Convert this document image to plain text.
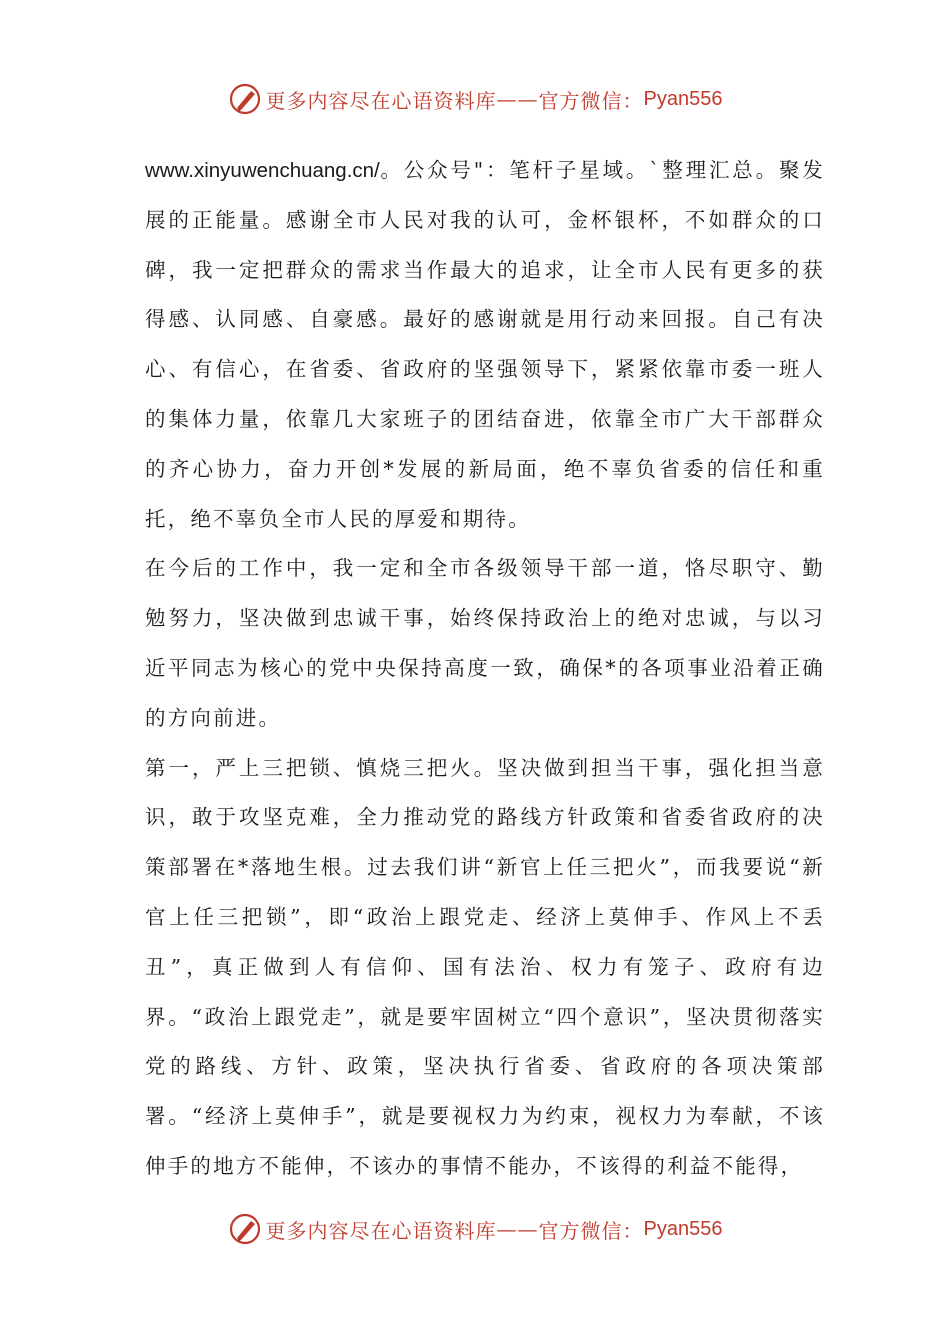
更多内容尽在心语资料库 —— 官方微信： Pyan556

www.xinyuwenchuang.cn/。公众号"：笔杆子星域。`整理汇总。聚发展的正能量。感谢全市人民对我的认可，金杯银杯，不如群众的口碑，我一定把群众的需求当作最大的追求，让全市人民有更多的获得感、认同感、自豪感。最好的感谢就是用行动来回报。自己有决心、有信心，在省委、省政府的坚强领导下，紧紧依靠市委一班人的集体力量，依靠几大家班子的团结奋进，依靠全市广大干部群众的齐心协力，奋力开创*发展的新局面，绝不辜负省委的信任和重托，绝不辜负全市人民的厚爱和期待。

在今后的工作中，我一定和全市各级领导干部一道，恪尽职守、勤勉努力，坚决做到忠诚干事，始终保持政治上的绝对忠诚，与以习近平同志为核心的党中央保持高度一致，确保*的各项事业沿着正确的方向前进。

第一，严上三把锁、慎烧三把火。坚决做到担当干事，强化担当意识，敢于攻坚克难，全力推动党的路线方针政策和省委省政府的决策部署在*落地生根。过去我们讲“新官上任三把火”，而我要说“新官上任三把锁”，即“政治上跟党走、经济上莫伸手、作风上不丢丑”，真正做到人有信仰、国有法治、权力有笼子、政府有边界。“政治上跟党走”，就是要牢固树立“四个意识”，坚决贯彻落实党的路线、方针、政策，坚决执行省委、省政府的各项决策部署。“经济上莫伸手”，就是要视权力为约束，视权力为奉献，不该伸手的地方不能伸，不该办的事情不能办，不该得的利益不能得，

更多内容尽在心语资料库 —— 官方微信： Pyan556
